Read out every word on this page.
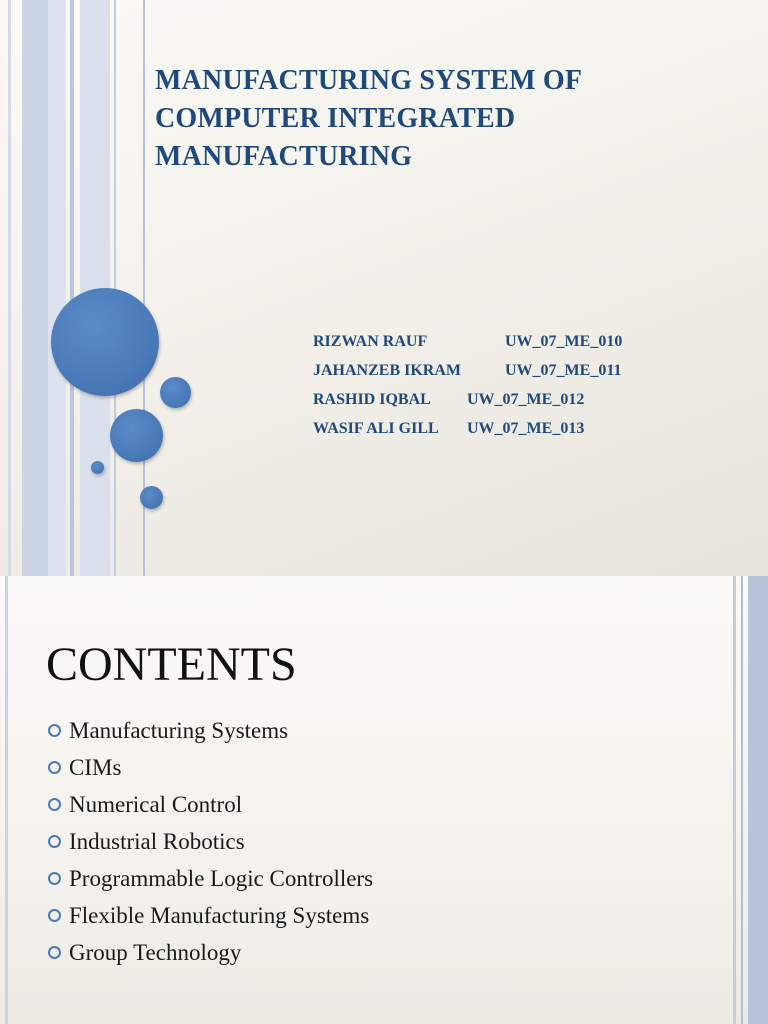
MANUFACTURING SYSTEM OF
COMPUTER INTEGRATED
MANUFACTURING

RIZWAN RAUF	UW_07_ME_010

JAHANZEB IKRAM	UW_07_ME_011

RASHID IQBAL UW_07_ME_012

WASIF ALI GILL UW_07_ME_013

CONTENTS
Manufacturing Systems
CIMs
Numerical Control
Industrial Robotics
Programmable Logic Controllers
Flexible Manufacturing Systems
Group Technology
